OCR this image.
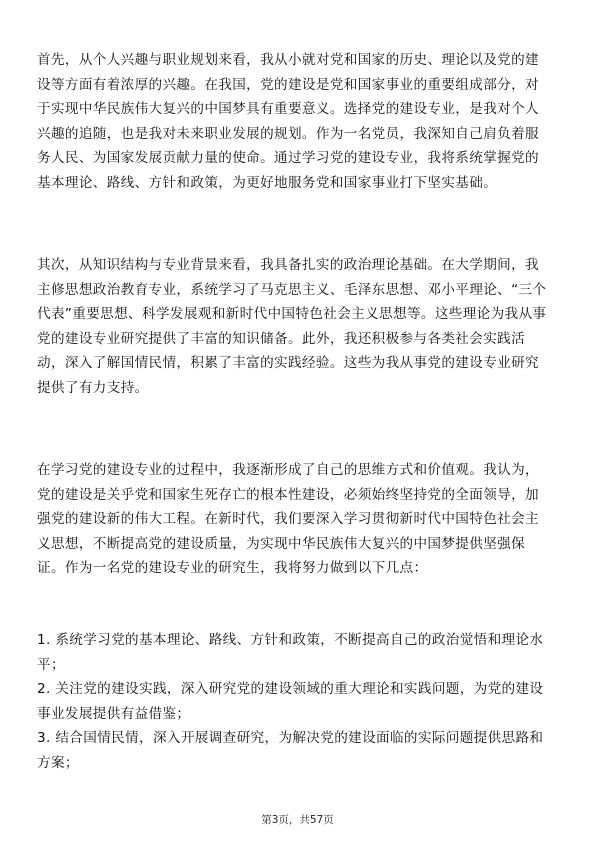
首先，从个人兴趣与职业规划来看，我从小就对党和国家的历史、理论以及党的建
设等方面有着浓厚的兴趣。在我国，党的建设是党和国家事业的重要组成部分，对
于实现中华民族伟大复兴的中国梦具有重要意义。选择党的建设专业，是我对个人
兴趣的追随，也是我对未来职业发展的规划。作为一名党员，我深知自己肩负着服
务人民、为国家发展贡献力量的使命。通过学习党的建设专业，我将系统掌握党的
基本理论、路线、方针和政策，为更好地服务党和国家事业打下坚实基础。
其次，从知识结构与专业背景来看，我具备扎实的政治理论基础。在大学期间，我
主修思想政治教育专业，系统学习了马克思主义、毛泽东思想、邓小平理论、“三个
代表”重要思想、科学发展观和新时代中国特色社会主义思想等。这些理论为我从事
党的建设专业研究提供了丰富的知识储备。此外，我还积极参与各类社会实践活
动，深入了解国情民情，积累了丰富的实践经验。这些为我从事党的建设专业研究
提供了有力支持。
在学习党的建设专业的过程中，我逐渐形成了自己的思维方式和价值观。我认为，
党的建设是关乎党和国家生死存亡的根本性建设，必须始终坚持党的全面领导，加
强党的建设新的伟大工程。在新时代，我们要深入学习贯彻新时代中国特色社会主
义思想，不断提高党的建设质量，为实现中华民族伟大复兴的中国梦提供坚强保
证。作为一名党的建设专业的研究生，我将努力做到以下几点：
1. 系统学习党的基本理论、路线、方针和政策，不断提高自己的政治觉悟和理论水
平；
2. 关注党的建设实践，深入研究党的建设领域的重大理论和实践问题，为党的建设
事业发展提供有益借鉴；
3. 结合国情民情，深入开展调查研究，为解决党的建设面临的实际问题提供思路和
方案；
第3页，共57页
